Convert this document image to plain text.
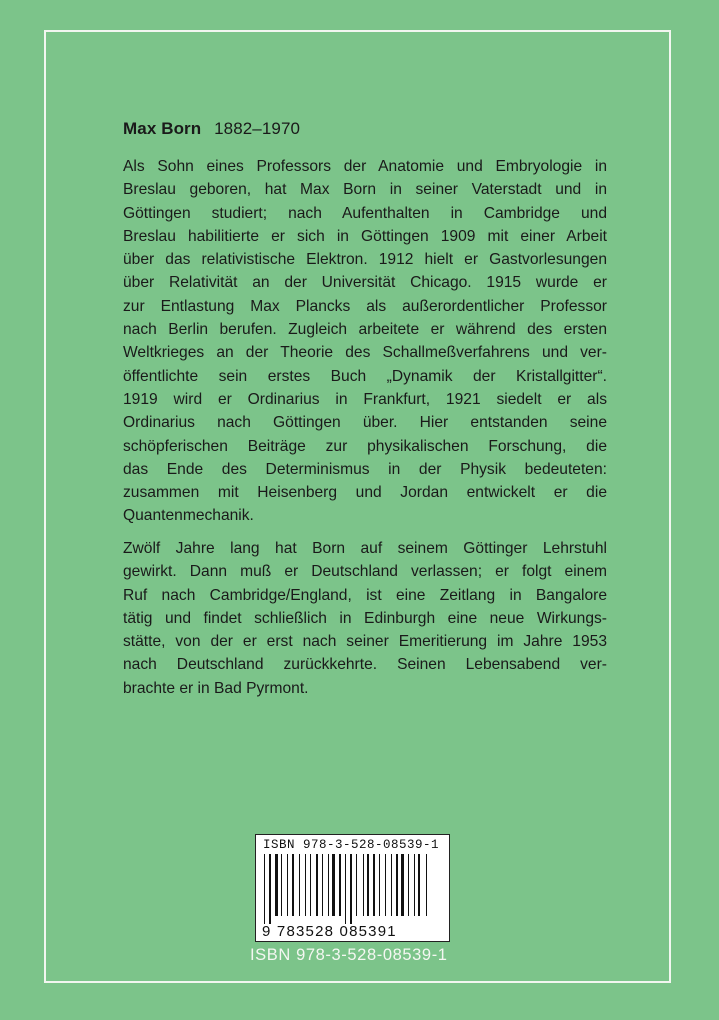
Max Born 1882–1970

Als Sohn eines Professors der Anatomie und Embryologie in
Breslau geboren, hat Max Born in seiner Vaterstadt und in
Göttingen studiert; nach Aufenthalten in Cambridge und
Breslau habilitierte er sich in Göttingen 1909 mit einer Arbeit
über das relativistische Elektron. 1912 hielt er Gastvorlesungen
über Relativität an der Universität Chicago. 1915 wurde er
zur Entlastung Max Plancks als außerordentlicher Professor
nach Berlin berufen. Zugleich arbeitete er während des ersten
Weltkrieges an der Theorie des Schallmeßverfahrens und ver-
öffentlichte sein erstes Buch „Dynamik der Kristallgitter“.
1919 wird er Ordinarius in Frankfurt, 1921 siedelt er als
Ordinarius nach Göttingen über. Hier entstanden seine
schöpferischen Beiträge zur physikalischen Forschung, die
das Ende des Determinismus in der Physik bedeuteten:
zusammen mit Heisenberg und Jordan entwickelt er die
Quantenmechanik.

Zwölf Jahre lang hat Born auf seinem Göttinger Lehrstuhl
gewirkt. Dann muß er Deutschland verlassen; er folgt einem
Ruf nach Cambridge/England, ist eine Zeitlang in Bangalore
tätig und findet schließlich in Edinburgh eine neue Wirkungs-
stätte, von der er erst nach seiner Emeritierung im Jahre 1953
nach Deutschland zurückkehrte. Seinen Lebensabend ver-
brachte er in Bad Pyrmont.

ISBN 978-3-528-08539-1
9 783528 085391
ISBN 978-3-528-08539-1
